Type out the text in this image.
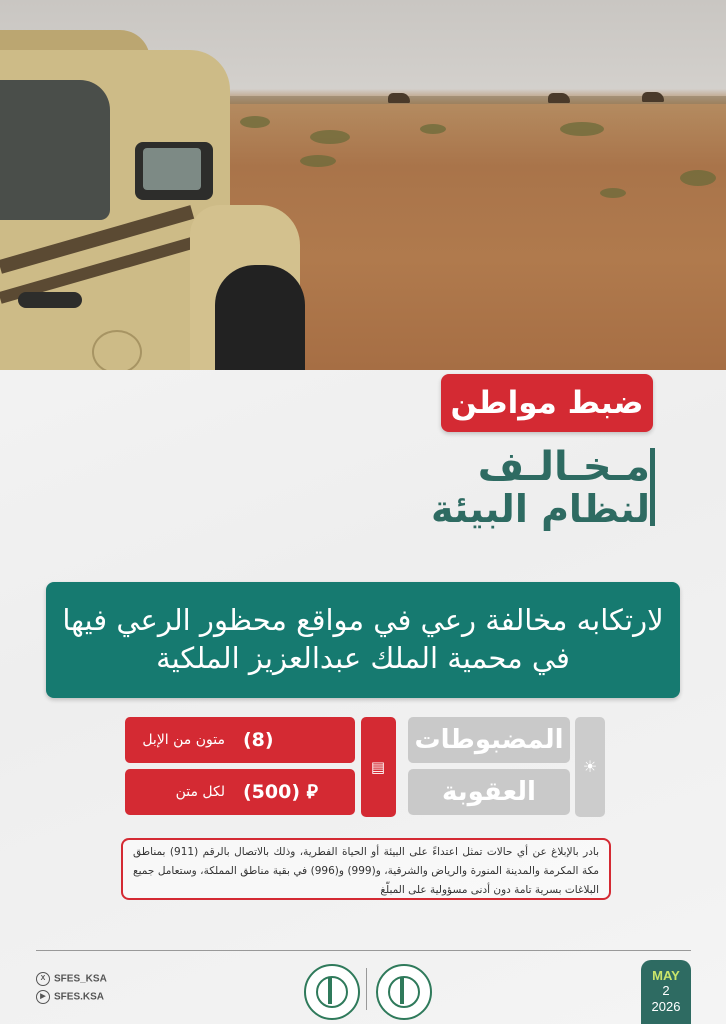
ضبط مواطن
مـخـالـف
لنظام البيئة
لارتكابه مخالفة رعي في مواقع محظور الرعي فيها
في محمية الملك عبدالعزيز الملكية
☀
المضبوطات
العقوبة
▤
(8)
متون من الإبل
(500) ⃁
لكل متن
بادر بالإبلاغ عن أي حالات تمثل اعتداءً على البيئة أو الحياة الفطرية، وذلك بالاتصال بالرقم (911) بمناطق مكة المكرمة والمدينة المنورة والرياض والشرقية، و(999) و(996) في بقية مناطق المملكة، وستعامل جميع البلاغات بسرية تامة دون أدنى مسؤولية على المبلّغ
X SFES_KSA
▶ SFES.KSA
MAY
2
2026
